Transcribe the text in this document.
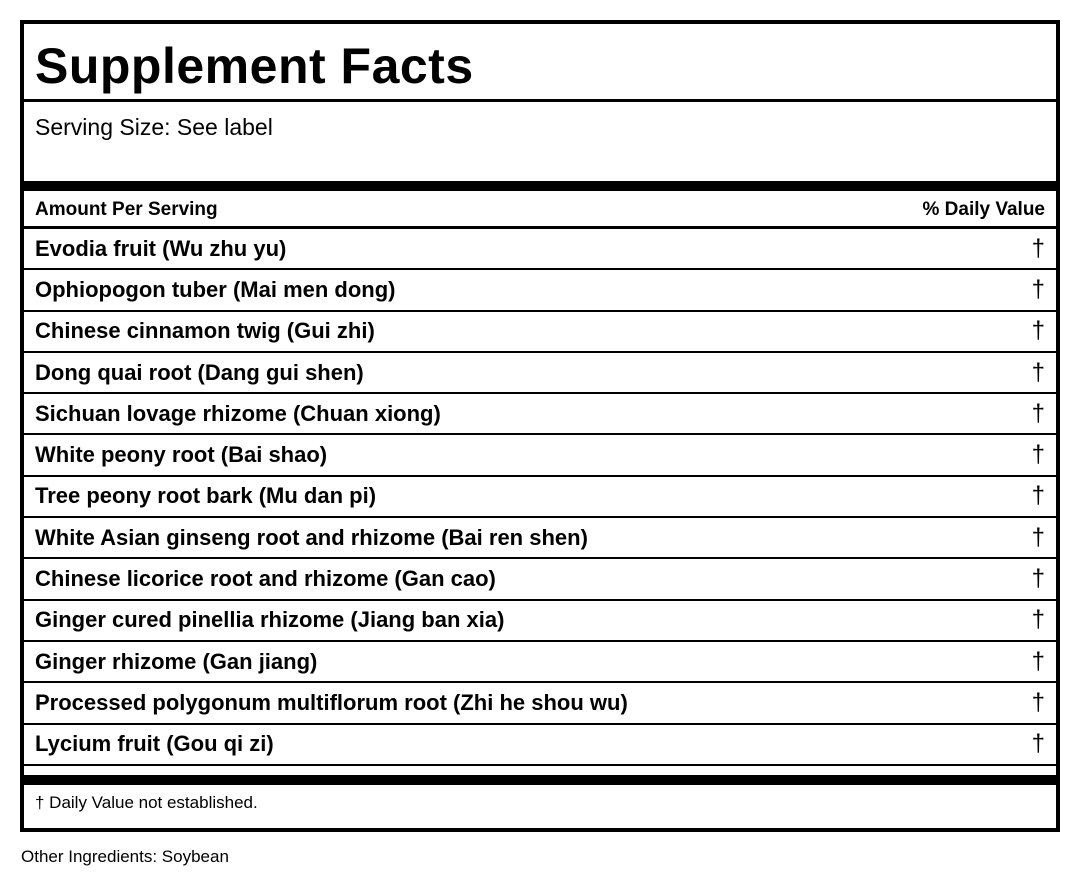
Supplement Facts
Serving Size: See label
Amount Per Serving	% Daily Value
Evodia fruit (Wu zhu yu)	†
Ophiopogon tuber (Mai men dong)	†
Chinese cinnamon twig (Gui zhi)	†
Dong quai root (Dang gui shen)	†
Sichuan lovage rhizome (Chuan xiong)	†
White peony root (Bai shao)	†
Tree peony root bark (Mu dan pi)	†
White Asian ginseng root and rhizome (Bai ren shen)	†
Chinese licorice root and rhizome (Gan cao)	†
Ginger cured pinellia rhizome (Jiang ban xia)	†
Ginger rhizome (Gan jiang)	†
Processed polygonum multiflorum root (Zhi he shou wu)	†
Lycium fruit (Gou qi zi)	†
† Daily Value not established.
Other Ingredients: Soybean
